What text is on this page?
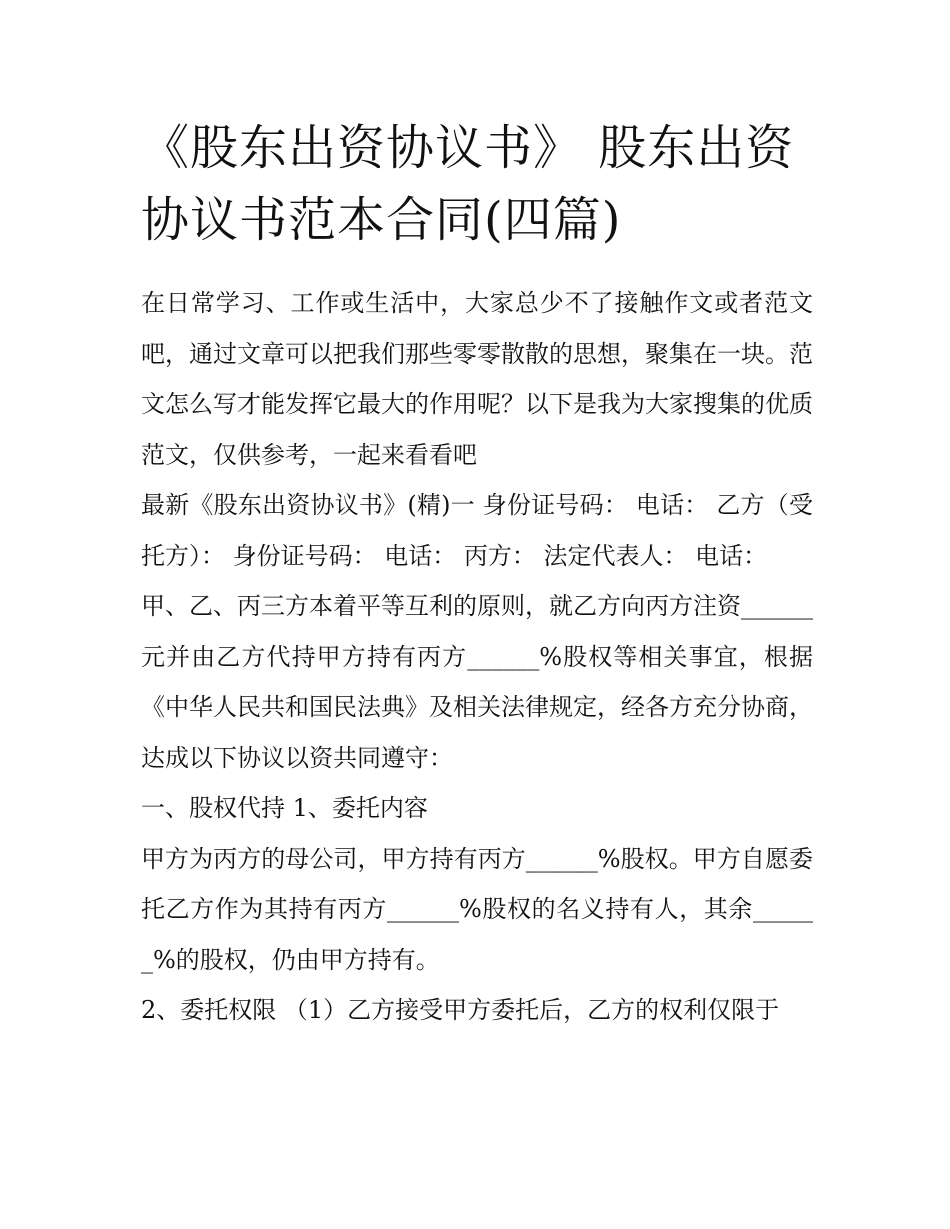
《股东出资协议书》 股东出资协议书范本合同(四篇)

在日常学习、工作或生活中，大家总少不了接触作文或者范文吧，通过文章可以把我们那些零零散散的思想，聚集在一块。范文怎么写才能发挥它最大的作用呢？以下是我为大家搜集的优质范文，仅供参考，一起来看看吧

最新《股东出资协议书》(精)一 身份证号码： 电话： 乙方（受托方）： 身份证号码： 电话： 丙方： 法定代表人： 电话：

甲、乙、丙三方本着平等互利的原则，就乙方向丙方注资______元并由乙方代持甲方持有丙方______%股权等相关事宜，根据《中华人民共和国民法典》及相关法律规定，经各方充分协商，达成以下协议以资共同遵守：

一、股权代持 1、委托内容

甲方为丙方的母公司，甲方持有丙方______%股权。甲方自愿委托乙方作为其持有丙方______%股权的名义持有人，其余______%的股权，仍由甲方持有。

2、委托权限 （1）乙方接受甲方委托后，乙方的权利仅限于
